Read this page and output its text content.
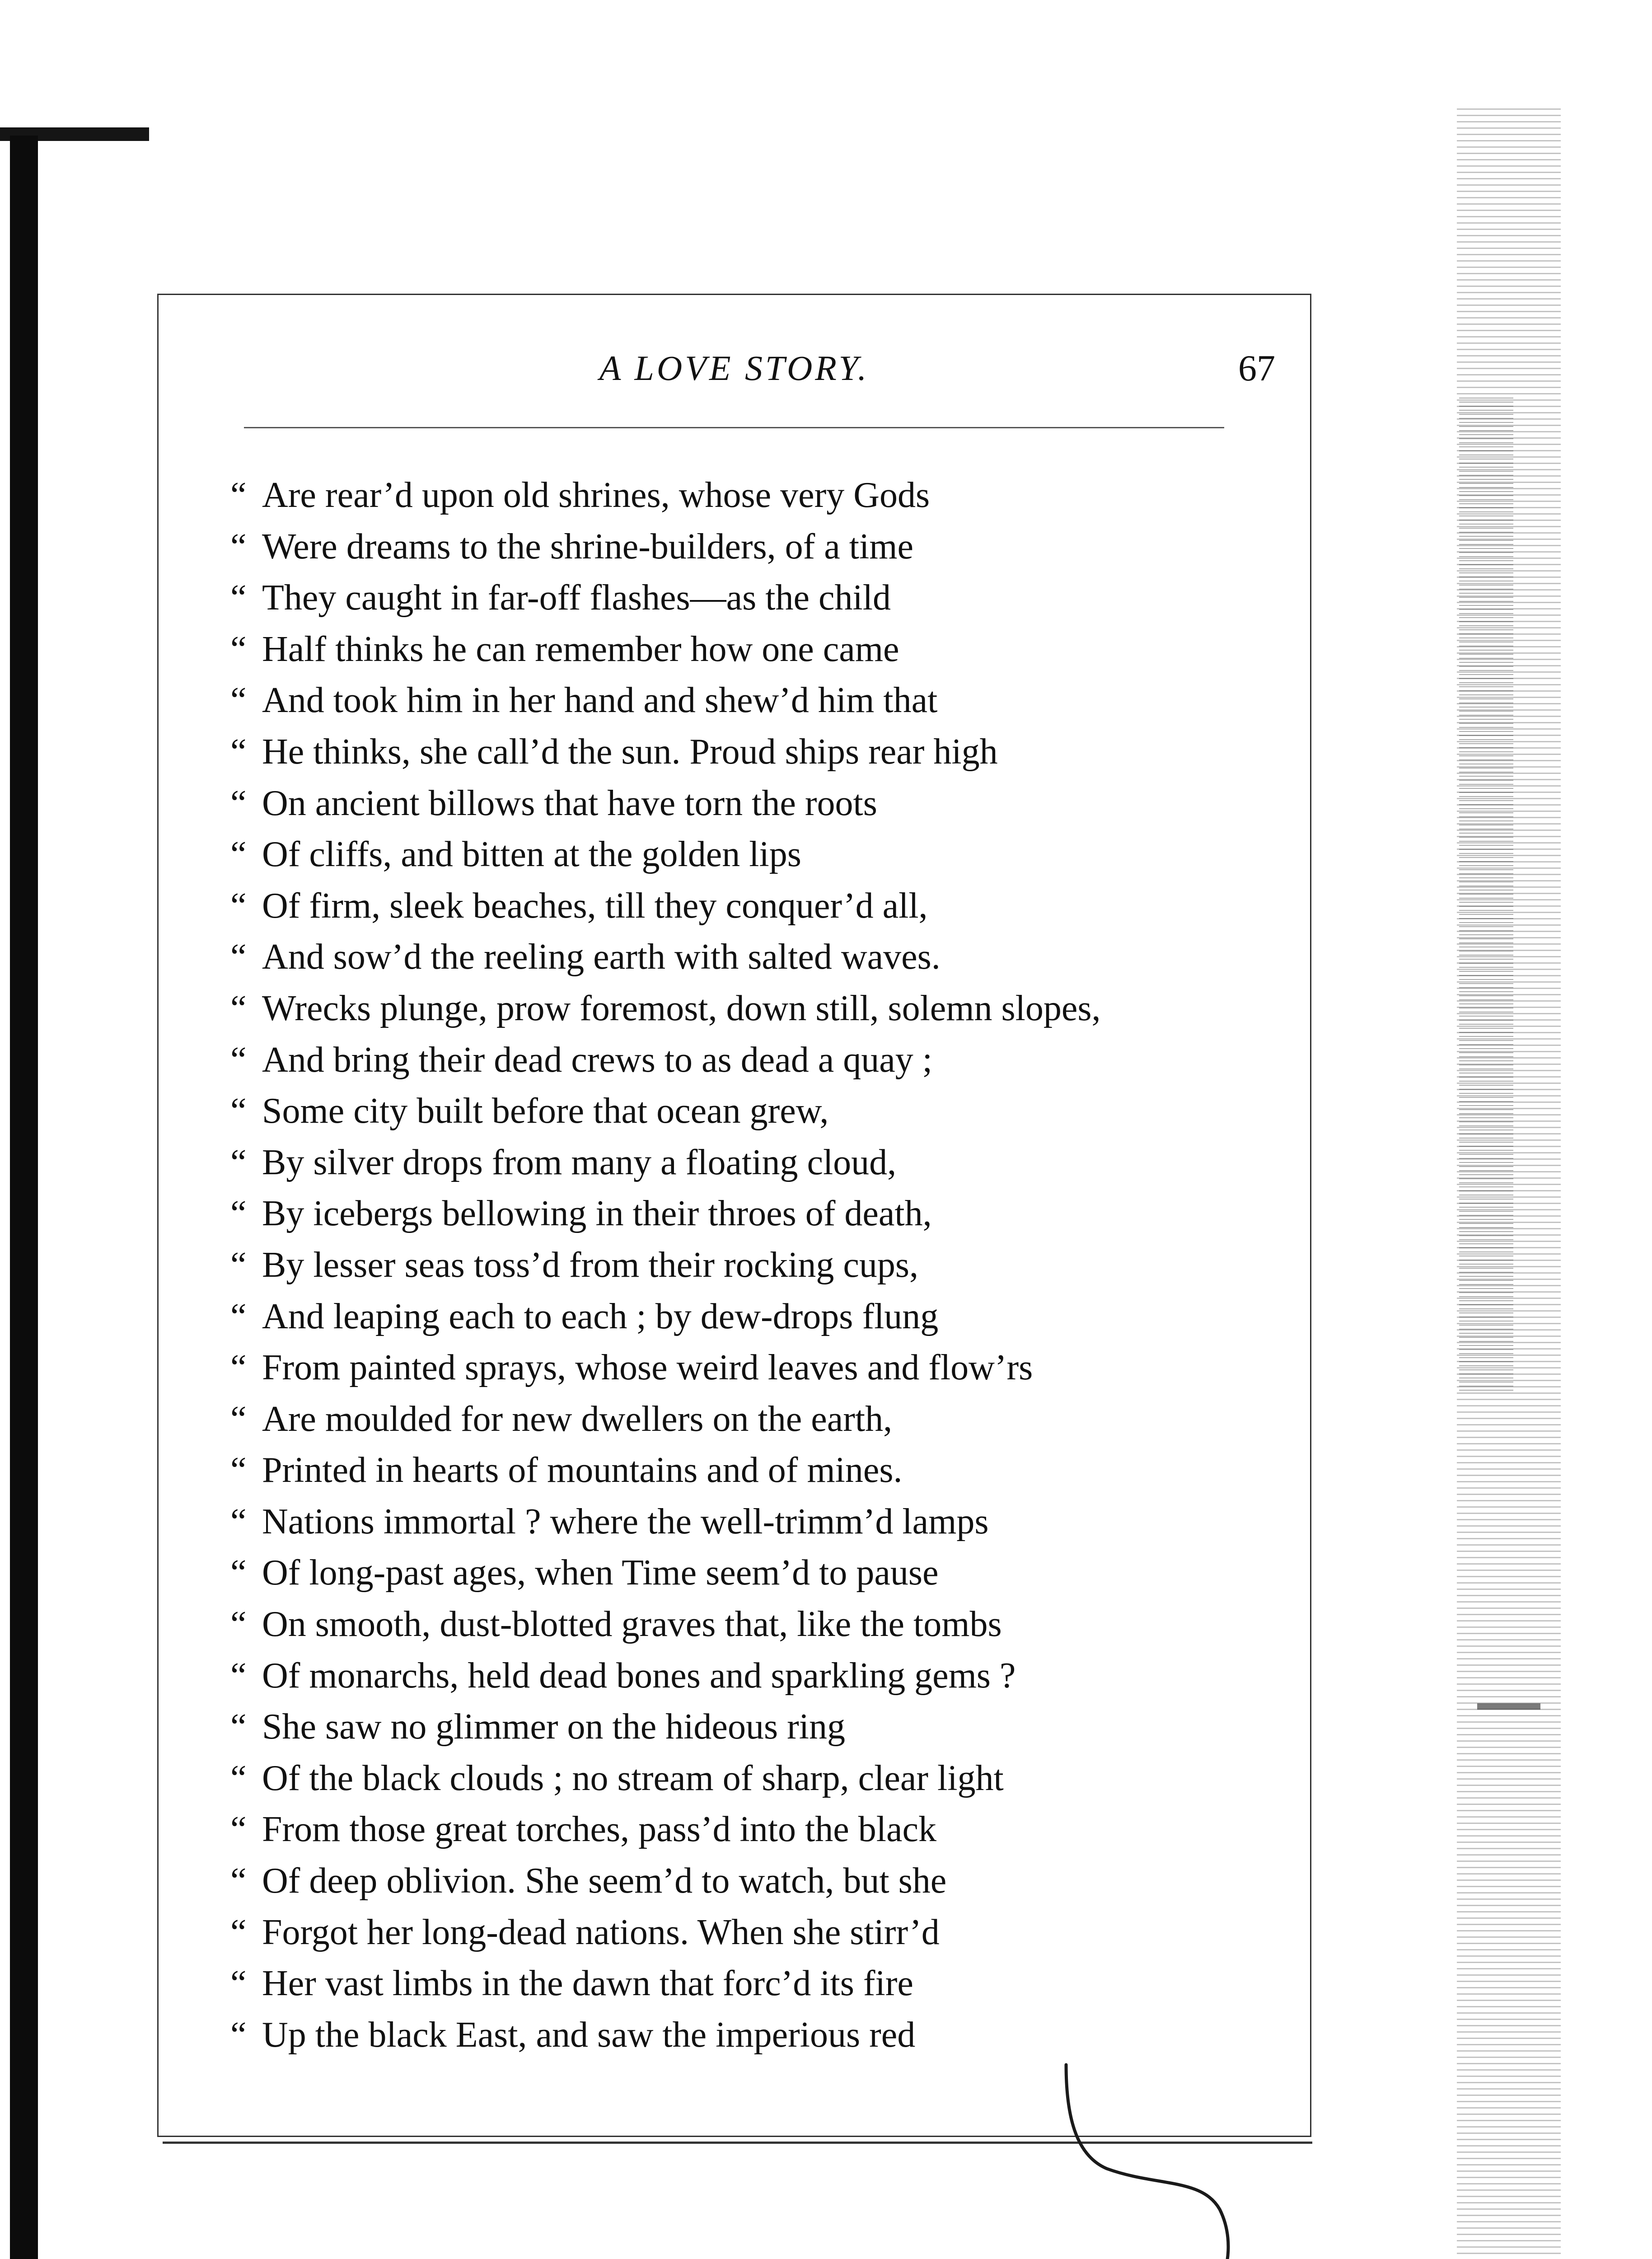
A LOVE STORY.	67
“ Are rear’d upon old shrines, whose very Gods
“ Were dreams to the shrine-builders, of a time
“ They caught in far-off flashes—as the child
“ Half thinks he can remember how one came
“ And took him in her hand and shew’d him that
“ He thinks, she call’d the sun. Proud ships rear high
“ On ancient billows that have torn the roots
“ Of cliffs, and bitten at the golden lips
“ Of firm, sleek beaches, till they conquer’d all,
“ And sow’d the reeling earth with salted waves.
“ Wrecks plunge, prow foremost, down still, solemn slopes,
“ And bring their dead crews to as dead a quay ;
“ Some city built before that ocean grew,
“ By silver drops from many a floating cloud,
“ By icebergs bellowing in their throes of death,
“ By lesser seas toss’d from their rocking cups,
“ And leaping each to each ; by dew-drops flung
“ From painted sprays, whose weird leaves and flow’rs
“ Are moulded for new dwellers on the earth,
“ Printed in hearts of mountains and of mines.
“ Nations immortal ? where the well-trimm’d lamps
“ Of long-past ages, when Time seem’d to pause
“ On smooth, dust-blotted graves that, like the tombs
“ Of monarchs, held dead bones and sparkling gems ?
“ She saw no glimmer on the hideous ring
“ Of the black clouds ; no stream of sharp, clear light
“ From those great torches, pass’d into the black
“ Of deep oblivion. She seem’d to watch, but she
“ Forgot her long-dead nations. When she stirr’d
“ Her vast limbs in the dawn that forc’d its fire
“ Up the black East, and saw the imperious red
